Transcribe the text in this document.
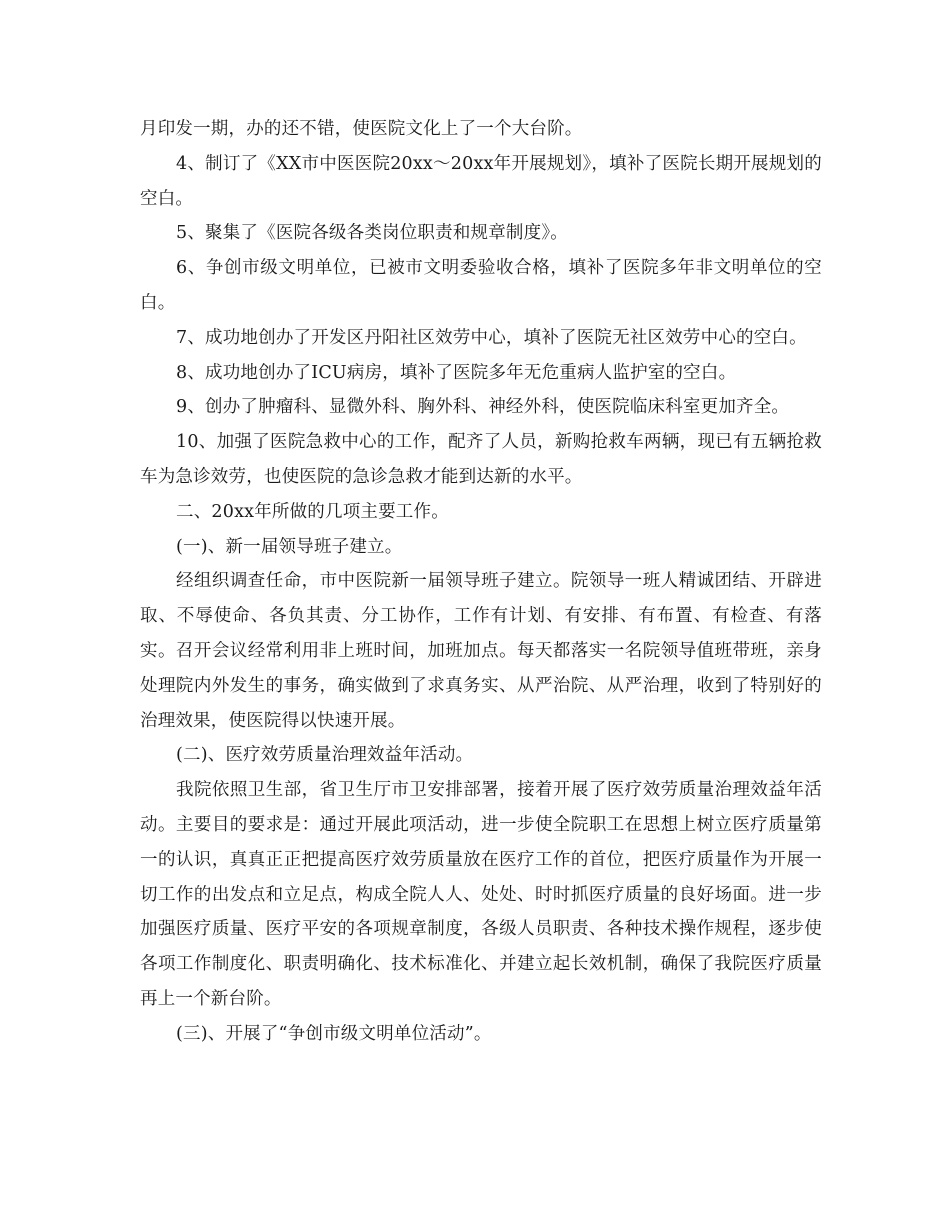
月印发一期，办的还不错，使医院文化上了一个大台阶。

4、制订了《XX市中医医院20xx～20xx年开展规划》，填补了医院长期开展规划的空白。

5、聚集了《医院各级各类岗位职责和规章制度》。

6、争创市级文明单位，已被市文明委验收合格，填补了医院多年非文明单位的空白。

7、成功地创办了开发区丹阳社区效劳中心，填补了医院无社区效劳中心的空白。

8、成功地创办了ICU病房，填补了医院多年无危重病人监护室的空白。

9、创办了肿瘤科、显微外科、胸外科、神经外科，使医院临床科室更加齐全。

10、加强了医院急救中心的工作，配齐了人员，新购抢救车两辆，现已有五辆抢救车为急诊效劳，也使医院的急诊急救才能到达新的水平。

二、20xx年所做的几项主要工作。

(一)、新一届领导班子建立。

经组织调查任命，市中医院新一届领导班子建立。院领导一班人精诚团结、开辟进取、不辱使命、各负其责、分工协作，工作有计划、有安排、有布置、有检查、有落实。召开会议经常利用非上班时间，加班加点。每天都落实一名院领导值班带班，亲身处理院内外发生的事务，确实做到了求真务实、从严治院、从严治理，收到了特别好的治理效果，使医院得以快速开展。

(二)、医疗效劳质量治理效益年活动。

我院依照卫生部，省卫生厅市卫安排部署，接着开展了医疗效劳质量治理效益年活动。主要目的要求是：通过开展此项活动，进一步使全院职工在思想上树立医疗质量第一的认识，真真正正把提高医疗效劳质量放在医疗工作的首位，把医疗质量作为开展一切工作的出发点和立足点，构成全院人人、处处、时时抓医疗质量的良好场面。进一步加强医疗质量、医疗平安的各项规章制度，各级人员职责、各种技术操作规程，逐步使各项工作制度化、职责明确化、技术标准化、并建立起长效机制，确保了我院医疗质量再上一个新台阶。

(三)、开展了“争创市级文明单位活动”。
